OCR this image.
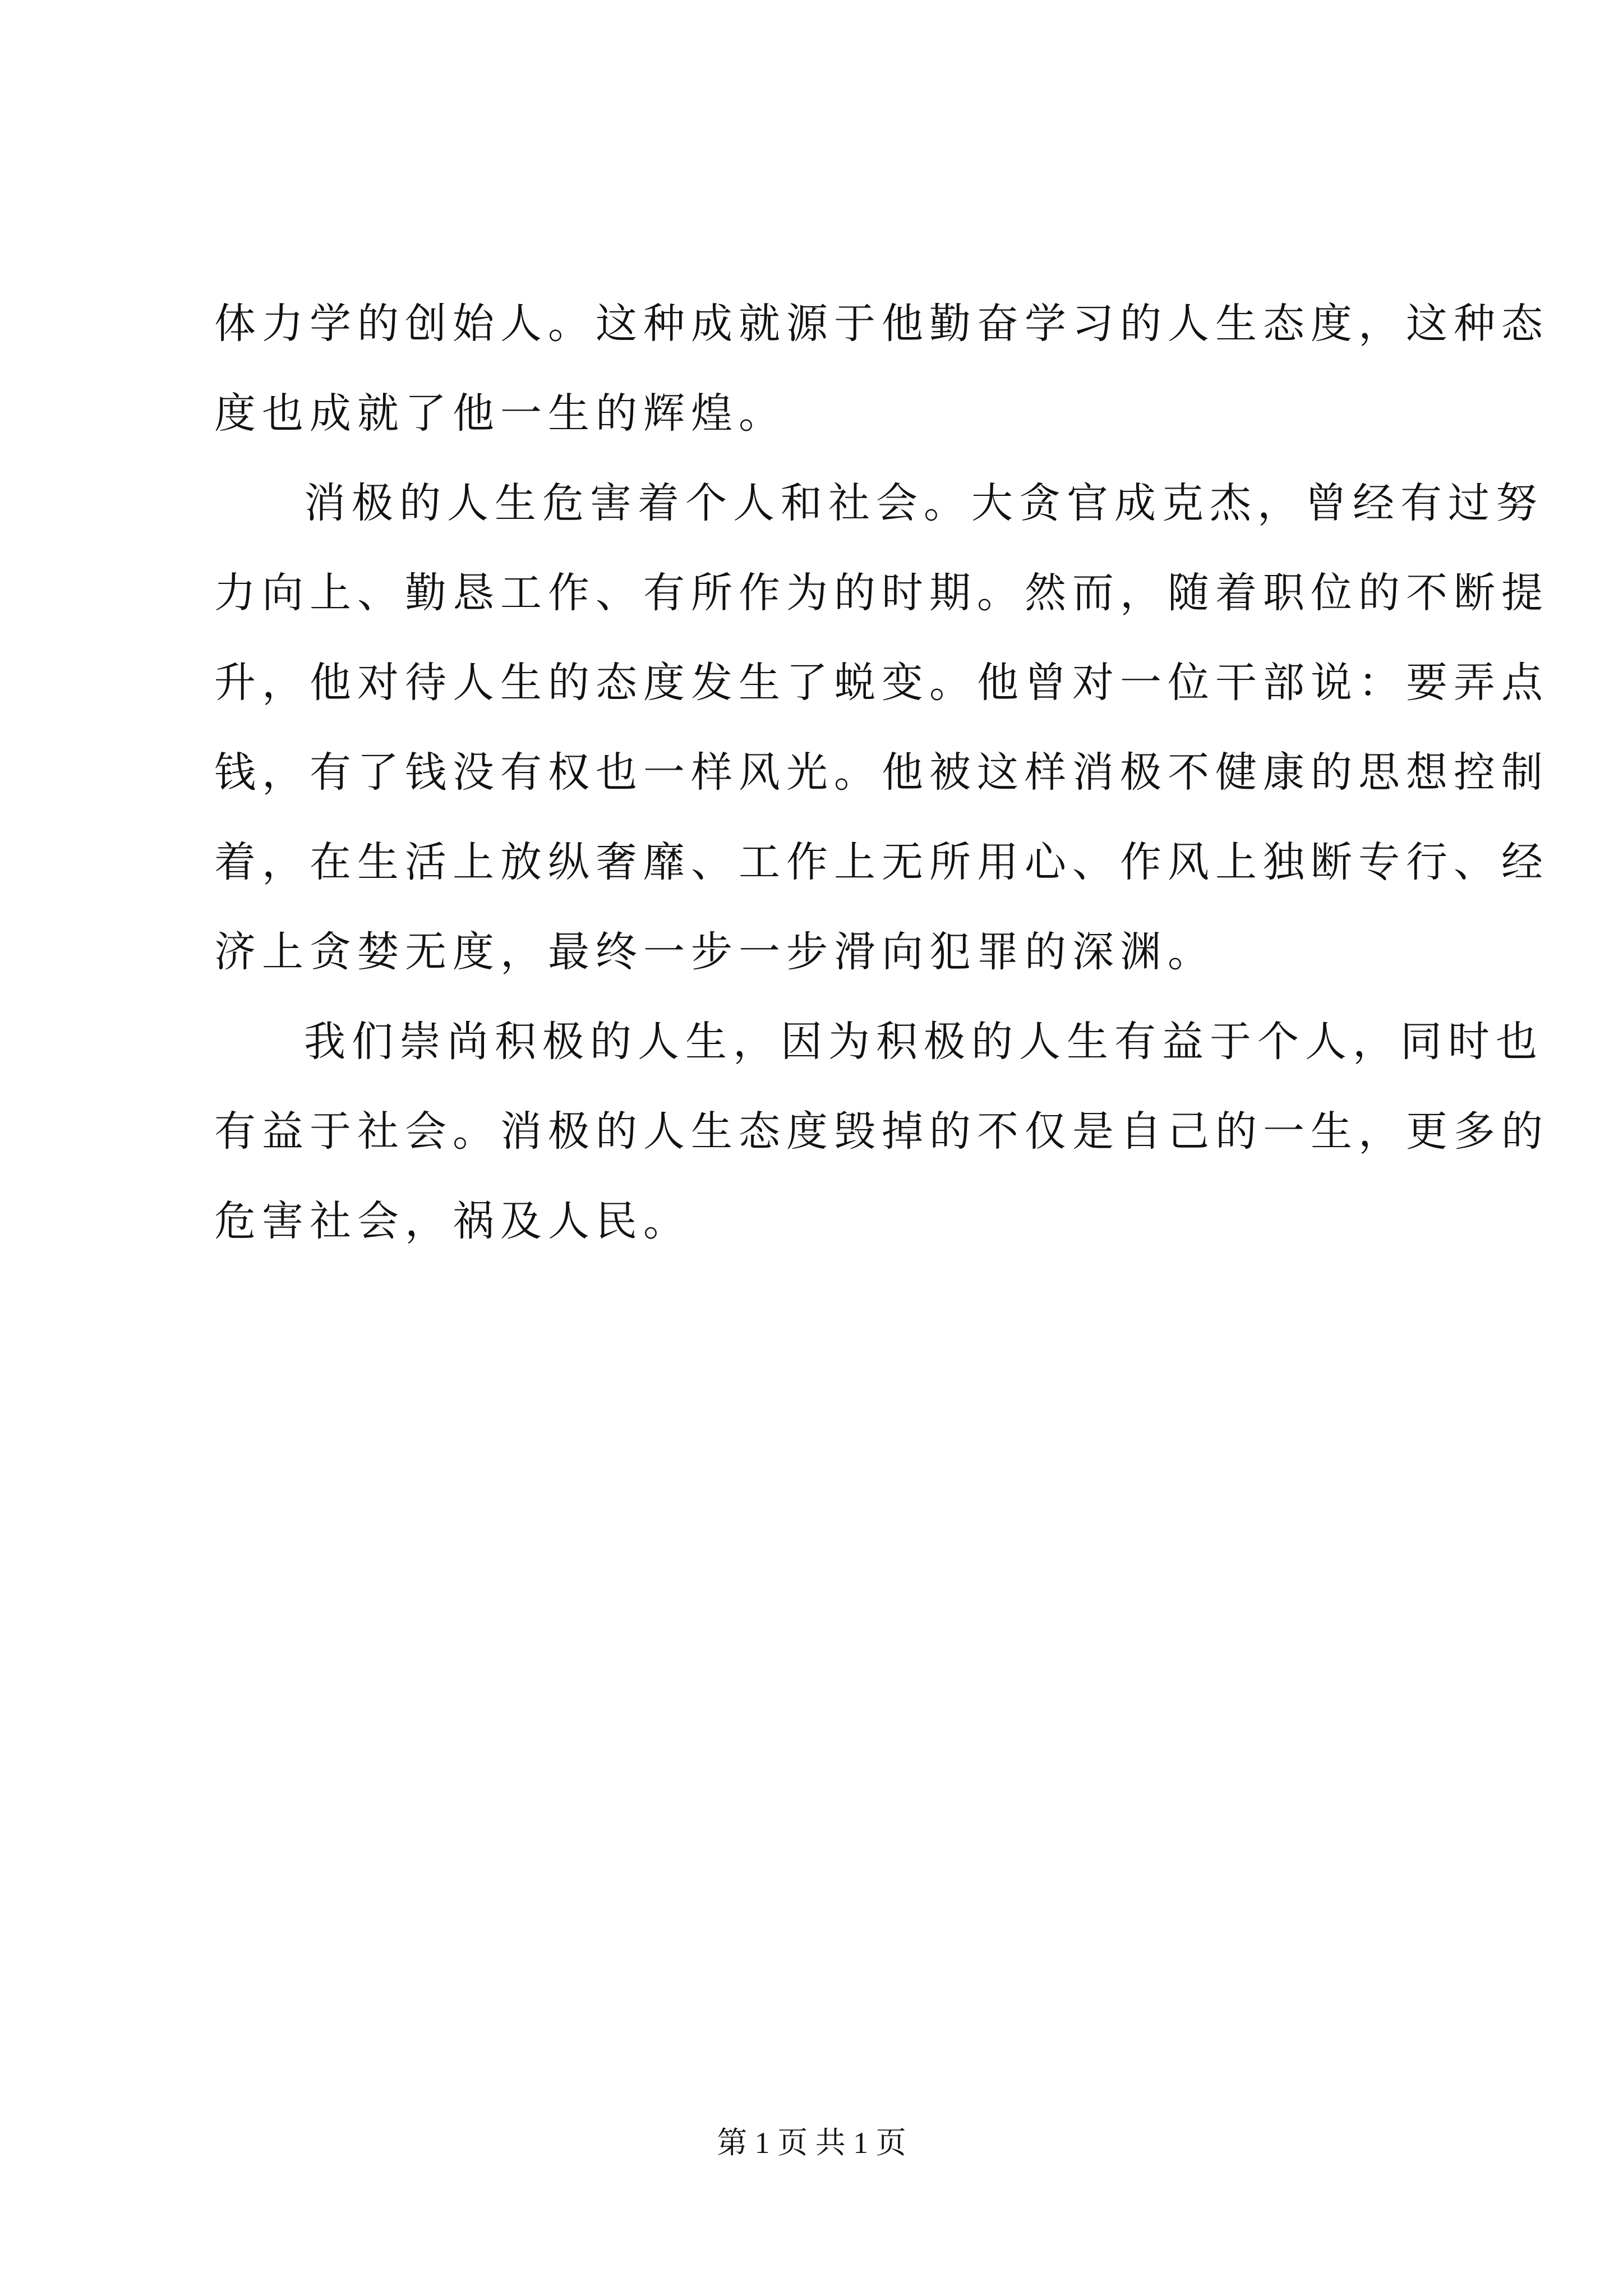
体力学的创始人。这种成就源于他勤奋学习的人生态度，这种态
度也成就了他一生的辉煌。
消极的人生危害着个人和社会。大贪官成克杰，曾经有过努
力向上、勤恳工作、有所作为的时期。然而，随着职位的不断提
升，他对待人生的态度发生了蜕变。他曾对一位干部说：要弄点
钱，有了钱没有权也一样风光。他被这样消极不健康的思想控制
着，在生活上放纵奢靡、工作上无所用心、作风上独断专行、经
济上贪婪无度，最终一步一步滑向犯罪的深渊。
我们崇尚积极的人生，因为积极的人生有益于个人，同时也
有益于社会。消极的人生态度毁掉的不仅是自己的一生，更多的
危害社会，祸及人民。
第 1 页 共 1 页
